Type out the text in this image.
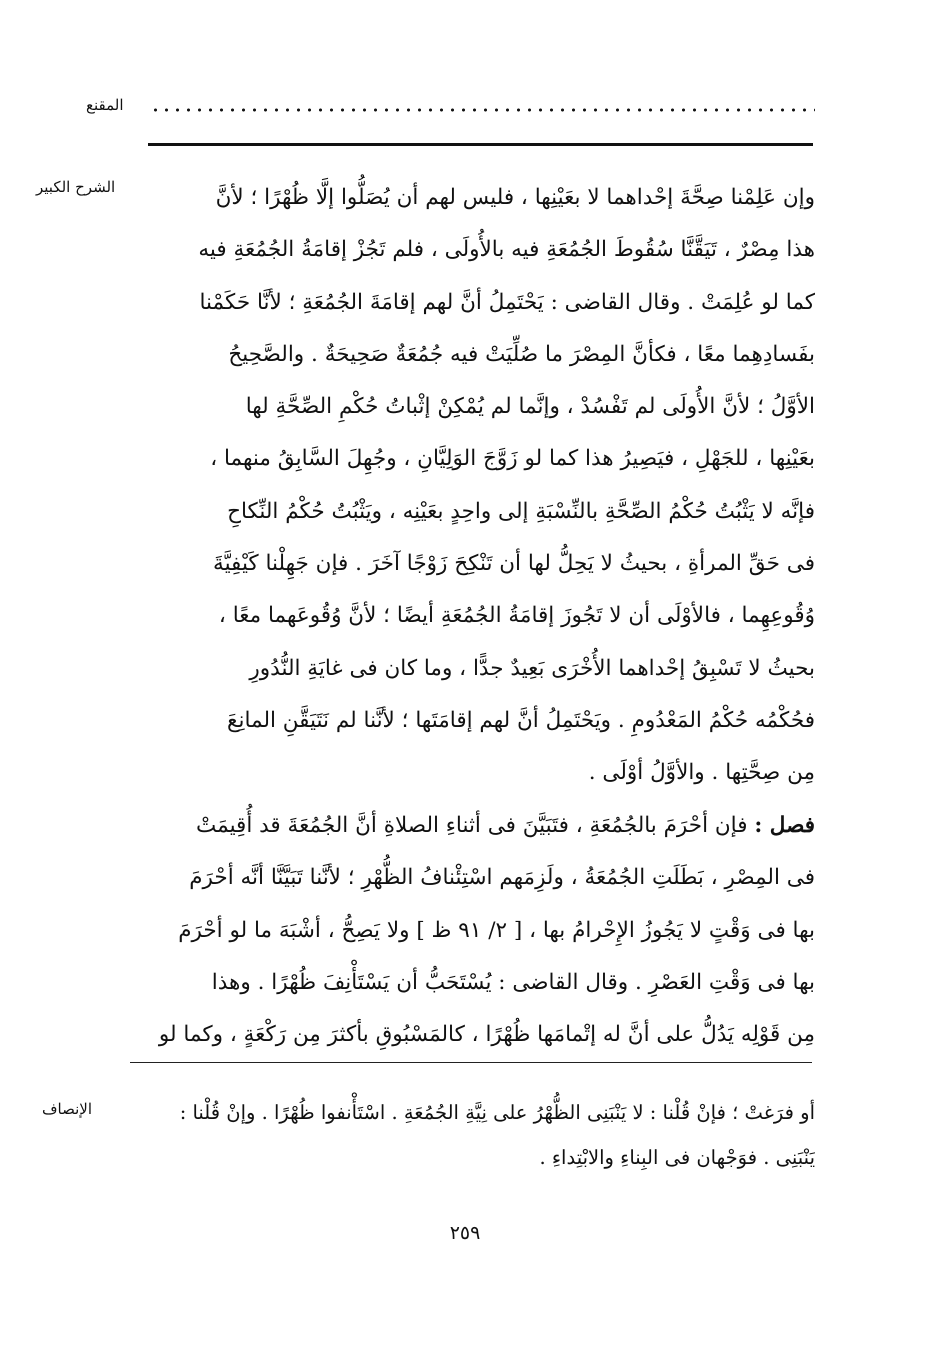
المقنع
الشرح الكبير	وإن عَلِمْنا صِحَّةَ إحْداهما لا بعَيْنِها ، فليس لهم أن يُصَلُّوا إلَّا ظُهْرًا ؛ لأنَّ
هذا مِصْرٌ ، تَيَقَّنَّا سُقُوطَ الجُمُعَةِ فيه بالأُولَى ، فلم تَجُزْ إقامَةُ الجُمُعَةِ فيه
كما لو عُلِمَتْ . وقال القاضى : يَحْتَمِلُ أنَّ لهم إقامَةَ الجُمُعَةِ ؛ لأنَّا حَكَمْنا
بفَسادِهِما معًا ، فكأنَّ المِصْرَ ما صُلِّيَتْ فيه جُمُعَةٌ صَحِيحَةٌ . والصَّحِيحُ
الأوَّلُ ؛ لأنَّ الأُولَى لم تَفْسُدْ ، وإنَّما لم يُمْكِنْ إثْباتُ حُكْمِ الصِّحَّةِ لها
بعَيْنِها ، للجَهْلِ ، فيَصِيرُ هذا كما لو زَوَّجَ الوَلِيَّانِ ، وجُهِلَ السَّابِقُ منهما ،
فإنَّه لا يَثْبُتُ حُكْمُ الصِّحَّةِ بالنِّسْبَةِ إلى واحِدٍ بعَيْنِه ، ويَثْبُتُ حُكْمُ النِّكاحِ
فى حَقِّ المرأةِ ، بحيثُ لا يَحِلُّ لها أن تَنْكِحَ زَوْجًا آخَرَ . فإن جَهِلْنا كَيْفِيَّةَ
وُقُوعِهِما ، فالأوْلَى أن لا تَجُوزَ إقامَةُ الجُمُعَةِ أيضًا ؛ لأنَّ وُقُوعَهما معًا ،
بحيثُ لا تَسْبِقُ إحْداهما الأُخْرَى بَعِيدٌ جدًّا ، وما كان فى غايَةِ النُّدُورِ
فحُكْمُه حُكْمُ المَعْدُومِ . ويَحْتَمِلُ أنَّ لهم إقامَتَها ؛ لأنَّنا لم نَتَيَقَّنِ المانِعَ
مِن صِحَّتِها . والأوَّلُ أوْلَى .
فصل : فإن أحْرَمَ بالجُمُعَةِ ، فتَبَيَّنَ فى أثناءِ الصلاةِ أنَّ الجُمُعَةَ قد أُقِيمَتْ
فى المِصْرِ ، بَطَلَتِ الجُمُعَةُ ، ولَزِمَهم اسْتِئْنافُ الظُّهْرِ ؛ لأنَّنا تَبَيَّنَّا أنَّه أحْرَمَ
بها فى وَقْتٍ لا يَجُوزُ الإِحْرامُ بها ، [ ٢/ ٩١ ظ ] ولا يَصِحُّ ، أشْبَهَ ما لو أحْرَمَ
بها فى وَقْتِ العَصْرِ . وقال القاضى : يُسْتَحَبُّ أن يَسْتَأْنِفَ ظُهْرًا . وهذا
مِن قَوْلِه يَدُلُّ على أنَّ له إتْمامَها ظُهْرًا ، كالمَسْبُوقِ بأكثرَ مِن رَكْعَةٍ ، وكما لو
الإنصاف	أو فرَغتْ ؛ فإنْ قُلْنا : لا يَنْبَنِى الظُّهْرُ على نِيَّةِ الجُمُعَةِ . اسْتَأْنفوا ظُهْرًا . وإنْ قُلْنا :
يَنْبَنِى . فوَجْهان فى البِناءِ والابْتِداءِ .
٢٥٩
